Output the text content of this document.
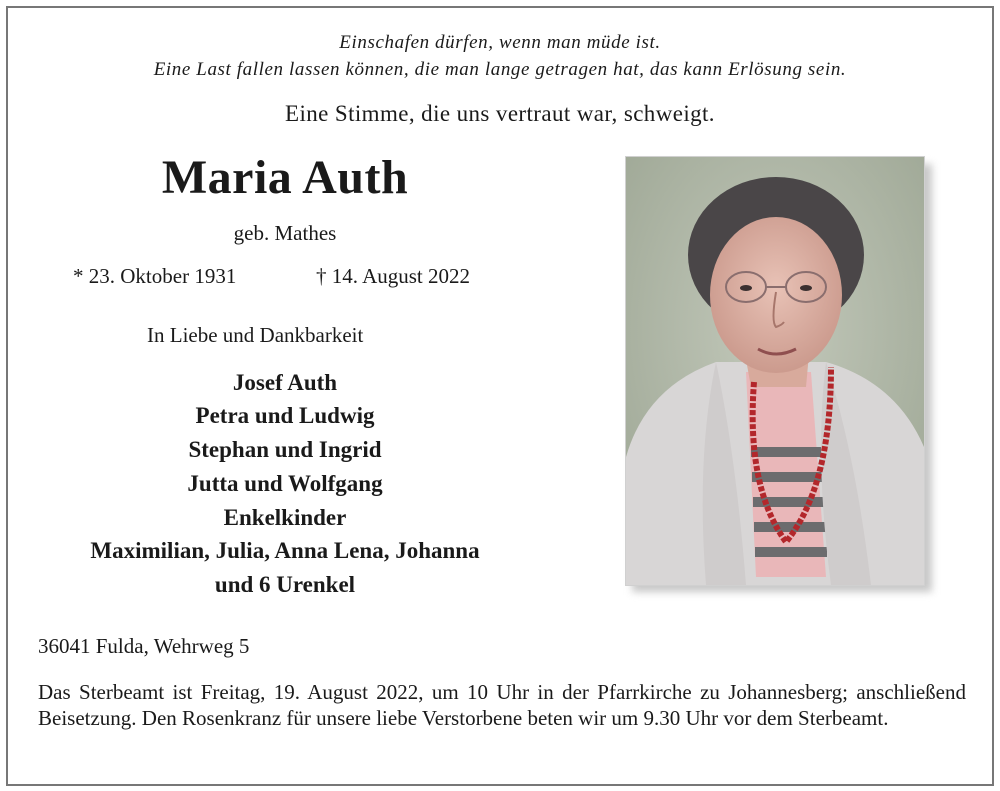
Einschafen dürfen, wenn man müde ist.
Eine Last fallen lassen können, die man lange getragen hat, das kann Erlösung sein.
Eine Stimme, die uns vertraut war, schweigt.
Maria Auth
geb. Mathes
* 23. Oktober 1931	† 14. August 2022
In Liebe und Dankbarkeit
Josef Auth
Petra und Ludwig
Stephan und Ingrid
Jutta und Wolfgang
Enkelkinder
Maximilian, Julia, Anna Lena, Johanna
und 6 Urenkel
36041 Fulda, Wehrweg 5
Das Sterbeamt ist Freitag, 19. August 2022, um 10 Uhr in der Pfarrkirche zu Johannesberg; anschließend Beisetzung. Den Rosenkranz für unsere liebe Verstorbene beten wir um 9.30 Uhr vor dem Sterbeamt.
